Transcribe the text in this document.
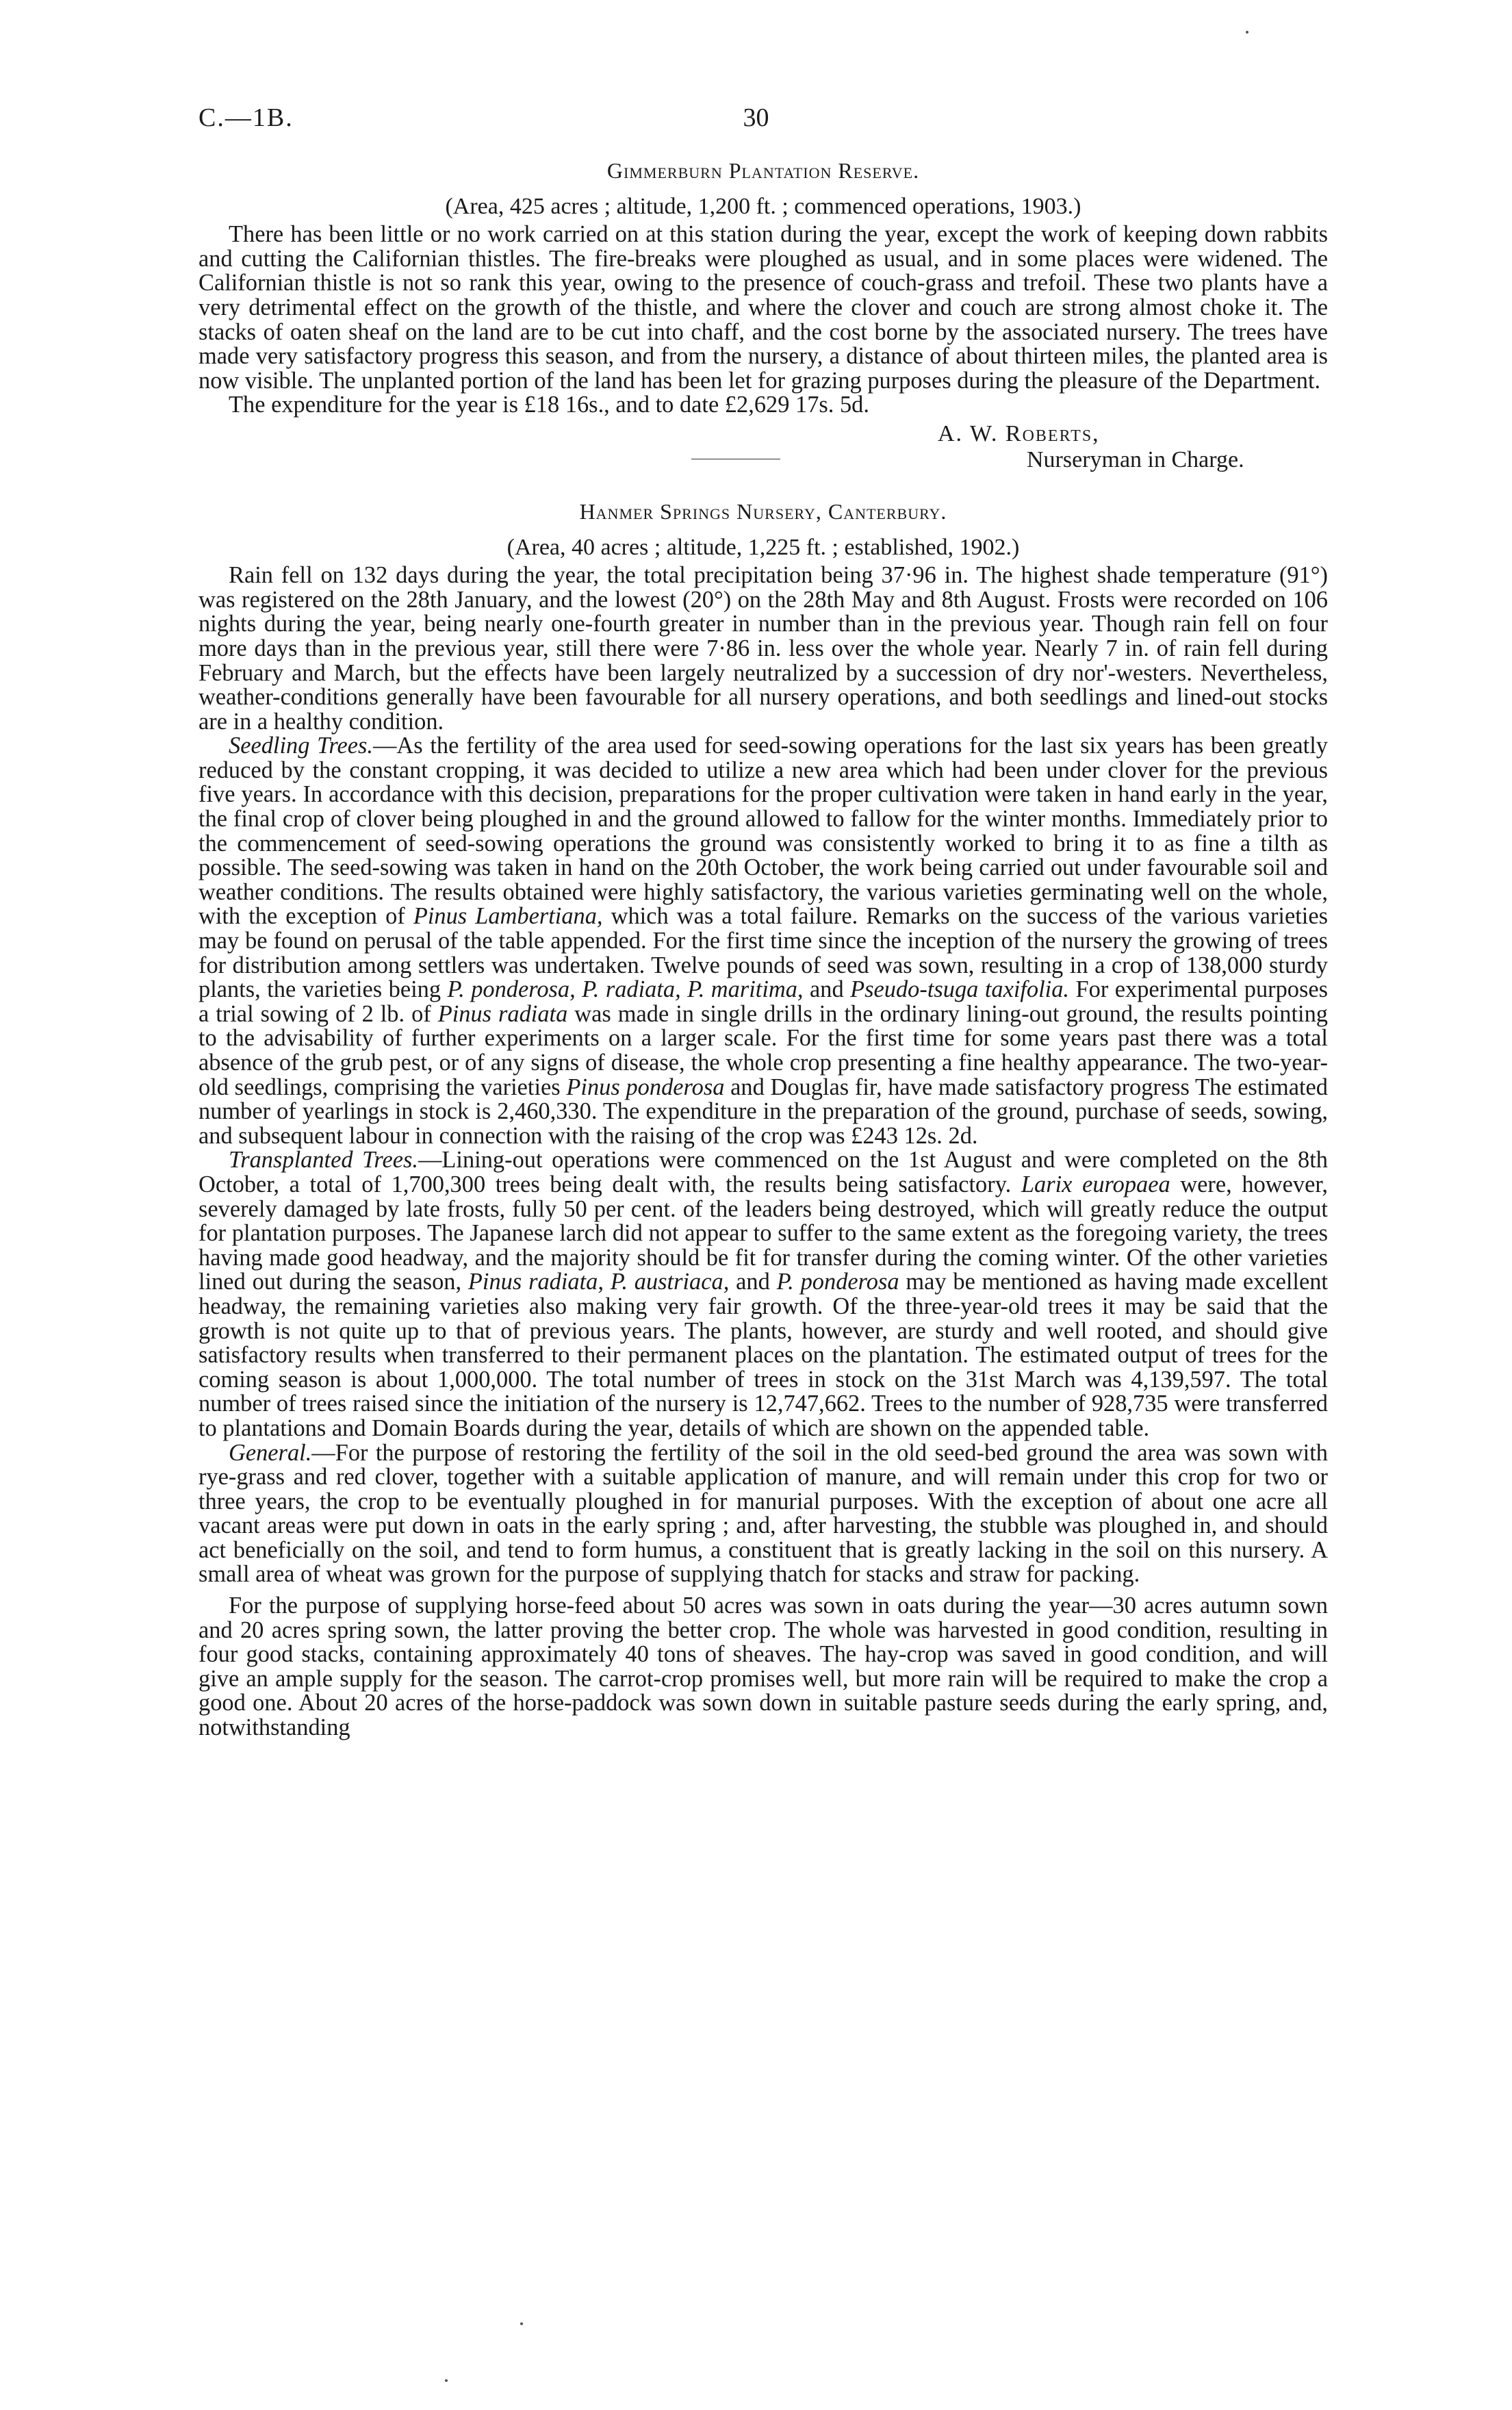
C.—1B.	30
Gimmerburn Plantation Reserve.
(Area, 425 acres ; altitude, 1,200 ft. ; commenced operations, 1903.)

There has been little or no work carried on at this station during the year, except the work of keeping down rabbits and cutting the Californian thistles. The fire-breaks were ploughed as usual, and in some places were widened. The Californian thistle is not so rank this year, owing to the presence of couch-grass and trefoil. These two plants have a very detrimental effect on the growth of the thistle, and where the clover and couch are strong almost choke it. The stacks of oaten sheaf on the land are to be cut into chaff, and the cost borne by the associated nursery. The trees have made very satisfactory progress this season, and from the nursery, a distance of about thirteen miles, the planted area is now visible. The unplanted portion of the land has been let for grazing purposes during the pleasure of the Department.

The expenditure for the year is £18 16s., and to date £2,629 17s. 5d.

A. W. Roberts,
Nurseryman in Charge.
Hanmer Springs Nursery, Canterbury.
(Area, 40 acres ; altitude, 1,225 ft. ; established, 1902.)

Rain fell on 132 days during the year, the total precipitation being 37·96 in. The highest shade temperature (91°) was registered on the 28th January, and the lowest (20°) on the 28th May and 8th August. Frosts were recorded on 106 nights during the year, being nearly one-fourth greater in number than in the previous year. Though rain fell on four more days than in the previous year, still there were 7·86 in. less over the whole year. Nearly 7 in. of rain fell during February and March, but the effects have been largely neutralized by a succession of dry nor'-westers. Nevertheless, weather-conditions generally have been favourable for all nursery operations, and both seedlings and lined-out stocks are in a healthy condition.

Seedling Trees.—As the fertility of the area used for seed-sowing operations for the last six years has been greatly reduced by the constant cropping, it was decided to utilize a new area which had been under clover for the previous five years. In accordance with this decision, preparations for the proper cultivation were taken in hand early in the year, the final crop of clover being ploughed in and the ground allowed to fallow for the winter months. Immediately prior to the commencement of seed-sowing operations the ground was consistently worked to bring it to as fine a tilth as possible. The seed-sowing was taken in hand on the 20th October, the work being carried out under favourable soil and weather conditions. The results obtained were highly satisfactory, the various varieties germinating well on the whole, with the exception of Pinus Lambertiana, which was a total failure. Remarks on the success of the various varieties may be found on perusal of the table appended. For the first time since the inception of the nursery the growing of trees for distribution among settlers was undertaken. Twelve pounds of seed was sown, resulting in a crop of 138,000 sturdy plants, the varieties being P. ponderosa, P. radiata, P. maritima, and Pseudo-tsuga taxifolia. For experimental purposes a trial sowing of 2 lb. of Pinus radiata was made in single drills in the ordinary lining-out ground, the results pointing to the advisability of further experiments on a larger scale. For the first time for some years past there was a total absence of the grub pest, or of any signs of disease, the whole crop presenting a fine healthy appearance. The two-year-old seedlings, comprising the varieties Pinus ponderosa and Douglas fir, have made satisfactory progress The estimated number of yearlings in stock is 2,460,330. The expenditure in the preparation of the ground, purchase of seeds, sowing, and subsequent labour in connection with the raising of the crop was £243 12s. 2d.

Transplanted Trees.—Lining-out operations were commenced on the 1st August and were completed on the 8th October, a total of 1,700,300 trees being dealt with, the results being satisfactory. Larix europaea were, however, severely damaged by late frosts, fully 50 per cent. of the leaders being destroyed, which will greatly reduce the output for plantation purposes. The Japanese larch did not appear to suffer to the same extent as the foregoing variety, the trees having made good headway, and the majority should be fit for transfer during the coming winter. Of the other varieties lined out during the season, Pinus radiata, P. austriaca, and P. ponderosa may be mentioned as having made excellent headway, the remaining varieties also making very fair growth. Of the three-year-old trees it may be said that the growth is not quite up to that of previous years. The plants, however, are sturdy and well rooted, and should give satisfactory results when transferred to their permanent places on the plantation. The estimated output of trees for the coming season is about 1,000,000. The total number of trees in stock on the 31st March was 4,139,597. The total number of trees raised since the initiation of the nursery is 12,747,662. Trees to the number of 928,735 were transferred to plantations and Domain Boards during the year, details of which are shown on the appended table.

General.—For the purpose of restoring the fertility of the soil in the old seed-bed ground the area was sown with rye-grass and red clover, together with a suitable application of manure, and will remain under this crop for two or three years, the crop to be eventually ploughed in for manurial purposes. With the exception of about one acre all vacant areas were put down in oats in the early spring ; and, after harvesting, the stubble was ploughed in, and should act beneficially on the soil, and tend to form humus, a constituent that is greatly lacking in the soil on this nursery. A small area of wheat was grown for the purpose of supplying thatch for stacks and straw for packing.

For the purpose of supplying horse-feed about 50 acres was sown in oats during the year—30 acres autumn sown and 20 acres spring sown, the latter proving the better crop. The whole was harvested in good condition, resulting in four good stacks, containing approximately 40 tons of sheaves. The hay-crop was saved in good condition, and will give an ample supply for the season. The carrot-crop promises well, but more rain will be required to make the crop a good one. About 20 acres of the horse-paddock was sown down in suitable pasture seeds during the early spring, and, notwithstanding
